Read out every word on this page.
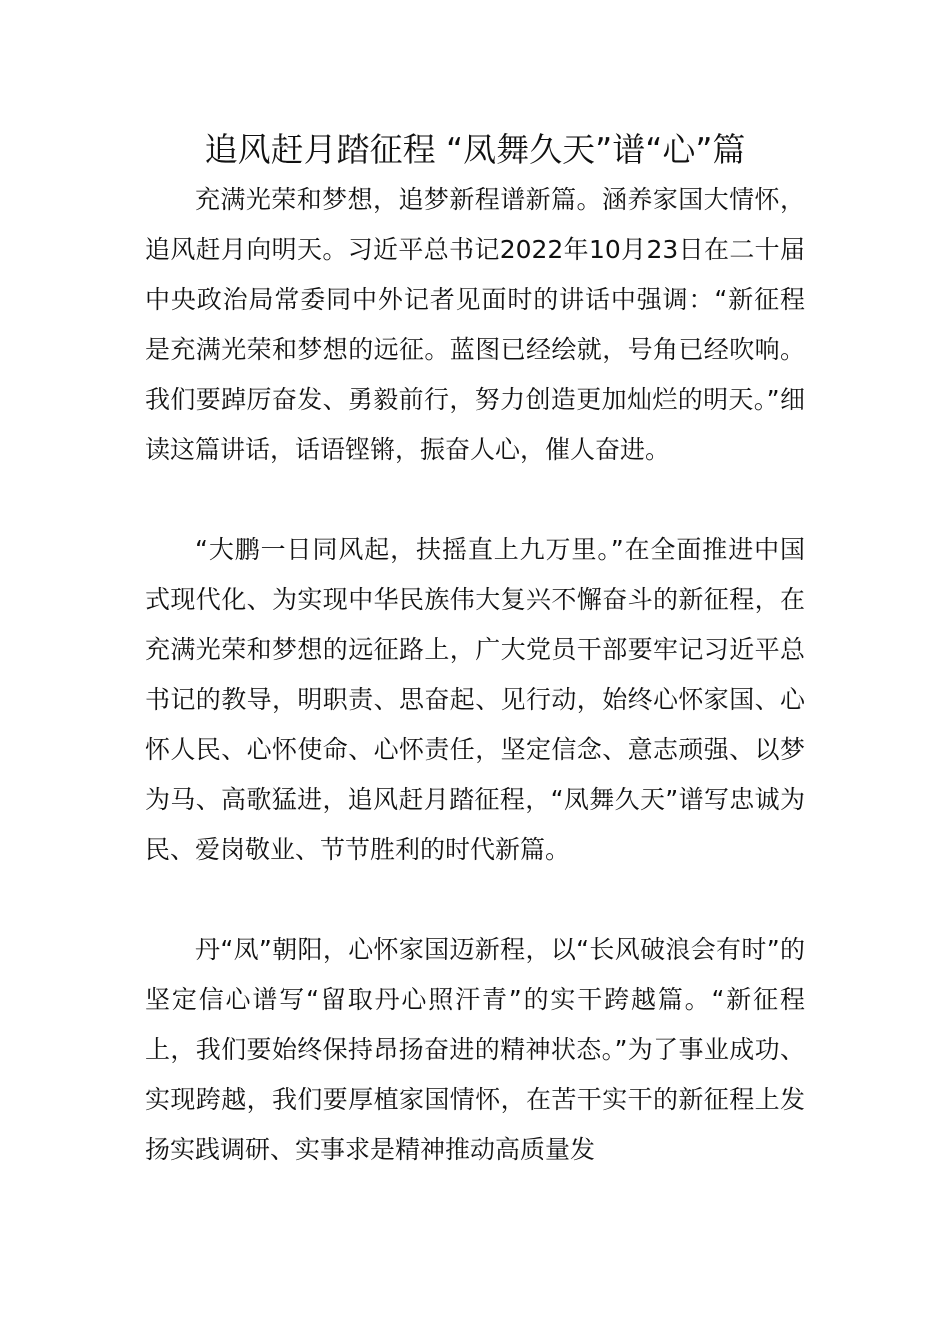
追风赶月踏征程 “凤舞久天”谱“心”篇

充满光荣和梦想，追梦新程谱新篇。涵养家国大情怀，追风赶月向明天。习近平总书记2022年10月23日在二十届中央政治局常委同中外记者见面时的讲话中强调：“新征程是充满光荣和梦想的远征。蓝图已经绘就，号角已经吹响。我们要踔厉奋发、勇毅前行，努力创造更加灿烂的明天。”细读这篇讲话，话语铿锵，振奋人心，催人奋进。

“大鹏一日同风起，扶摇直上九万里。”在全面推进中国式现代化、为实现中华民族伟大复兴不懈奋斗的新征程，在充满光荣和梦想的远征路上，广大党员干部要牢记习近平总书记的教导，明职责、思奋起、见行动，始终心怀家国、心怀人民、心怀使命、心怀责任，坚定信念、意志顽强、以梦为马、高歌猛进，追风赶月踏征程，“凤舞久天”谱写忠诚为民、爱岗敬业、节节胜利的时代新篇。

丹“凤”朝阳，心怀家国迈新程，以“长风破浪会有时”的坚定信心谱写“留取丹心照汗青”的实干跨越篇。“新征程上，我们要始终保持昂扬奋进的精神状态。”为了事业成功、实现跨越，我们要厚植家国情怀，在苦干实干的新征程上发扬实践调研、实事求是精神推动高质量发
